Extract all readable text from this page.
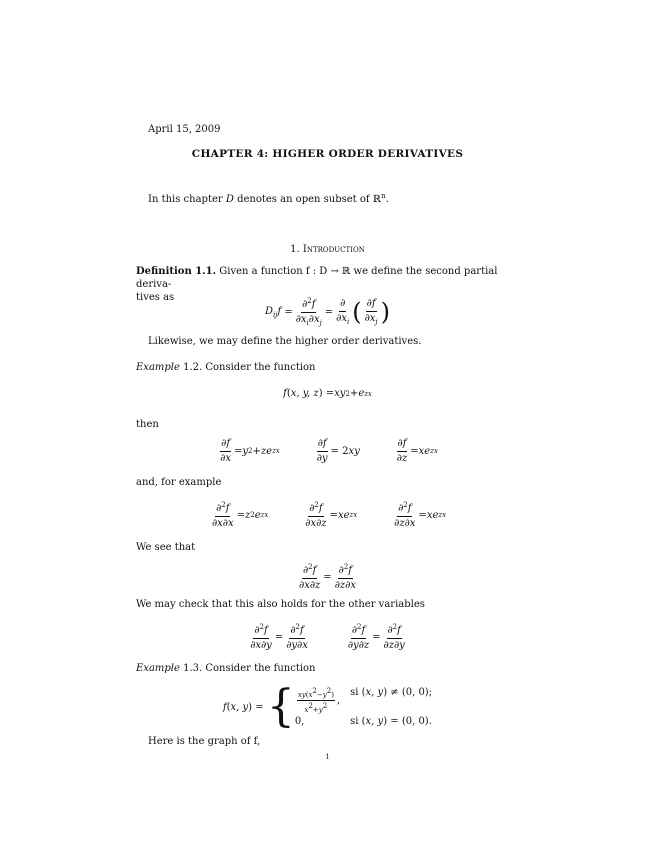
April 15, 2009
CHAPTER 4: HIGHER ORDER DERIVATIVES
In this chapter D denotes an open subset of ℝ$^n$.
1. Introduction
Definition 1.1. Given a function f : D → ℝ we define the second partial deriva-
tives as
$D_{ij}f = \frac{\partial^2f}{\partial x_i\partial x_j} = \frac{\partial}{\partial x_i}$ ( $\frac{\partial f}{\partial x_j}$ )
Likewise, we may define the higher order derivatives.
Example 1.2. Consider the function
f ( x, y, z ) = xy 2 + e zx
then
$\frac{\partial f}{\partial x} = y$ 2 + ze zx	$\frac{\partial f}{\partial y} = 2$ xy	$\frac{\partial f}{\partial z}$ = xe zx
and, for example
$\frac{\partial^2f}{\partial x\partial x} = z$ 2 e zx	$\frac{\partial^2f}{\partial x\partial z}$ = xe zx	$\frac{\partial^2f}{\partial z\partial x}$ = xe zx
We see that
$\frac{\partial^2f}{\partial x\partial z} = \frac{\partial^2f}{\partial z\partial x}$
We may check that this also holds for the other variables
$\frac{\partial^2f}{\partial x\partial y} = \frac{\partial^2f}{\partial y\partial x}$	$\frac{\partial^2f}{\partial y\partial z} = \frac{\partial^2f}{\partial z\partial y}$
Example 1.3. Consider the function
f ( x, y ) = { $\frac{xy(x2-y2)}{x2+y2}$ ,
si (x, y) ≠ (0, 0);
0,	si (x, y) = (0, 0).
Here is the graph of f,
1
